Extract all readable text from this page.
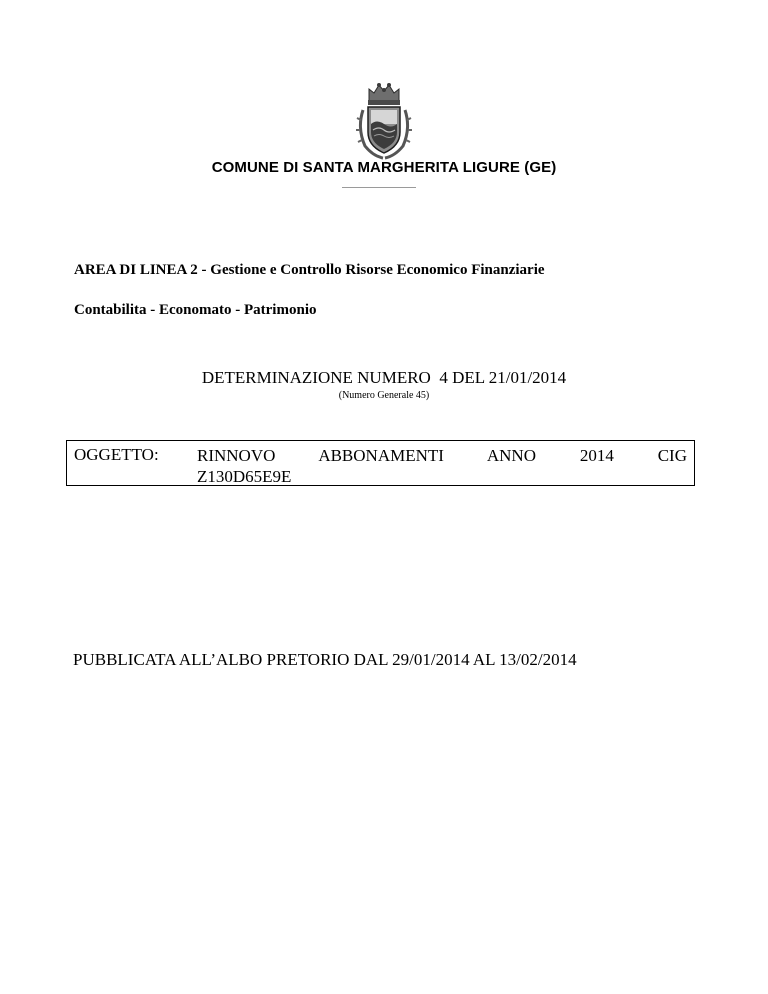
COMUNE DI SANTA MARGHERITA LIGURE (GE)
AREA DI LINEA 2 - Gestione e Controllo Risorse Economico Finanziarie
Contabilita - Economato - Patrimonio
DETERMINAZIONE NUMERO  4 DEL 21/01/2014
(Numero Generale 45)
OGGETTO: RINNOVO ABBONAMENTI ANNO 2014 CIG
Z130D65E9E
PUBBLICATA ALL’ALBO PRETORIO DAL 29/01/2014 AL 13/02/2014
